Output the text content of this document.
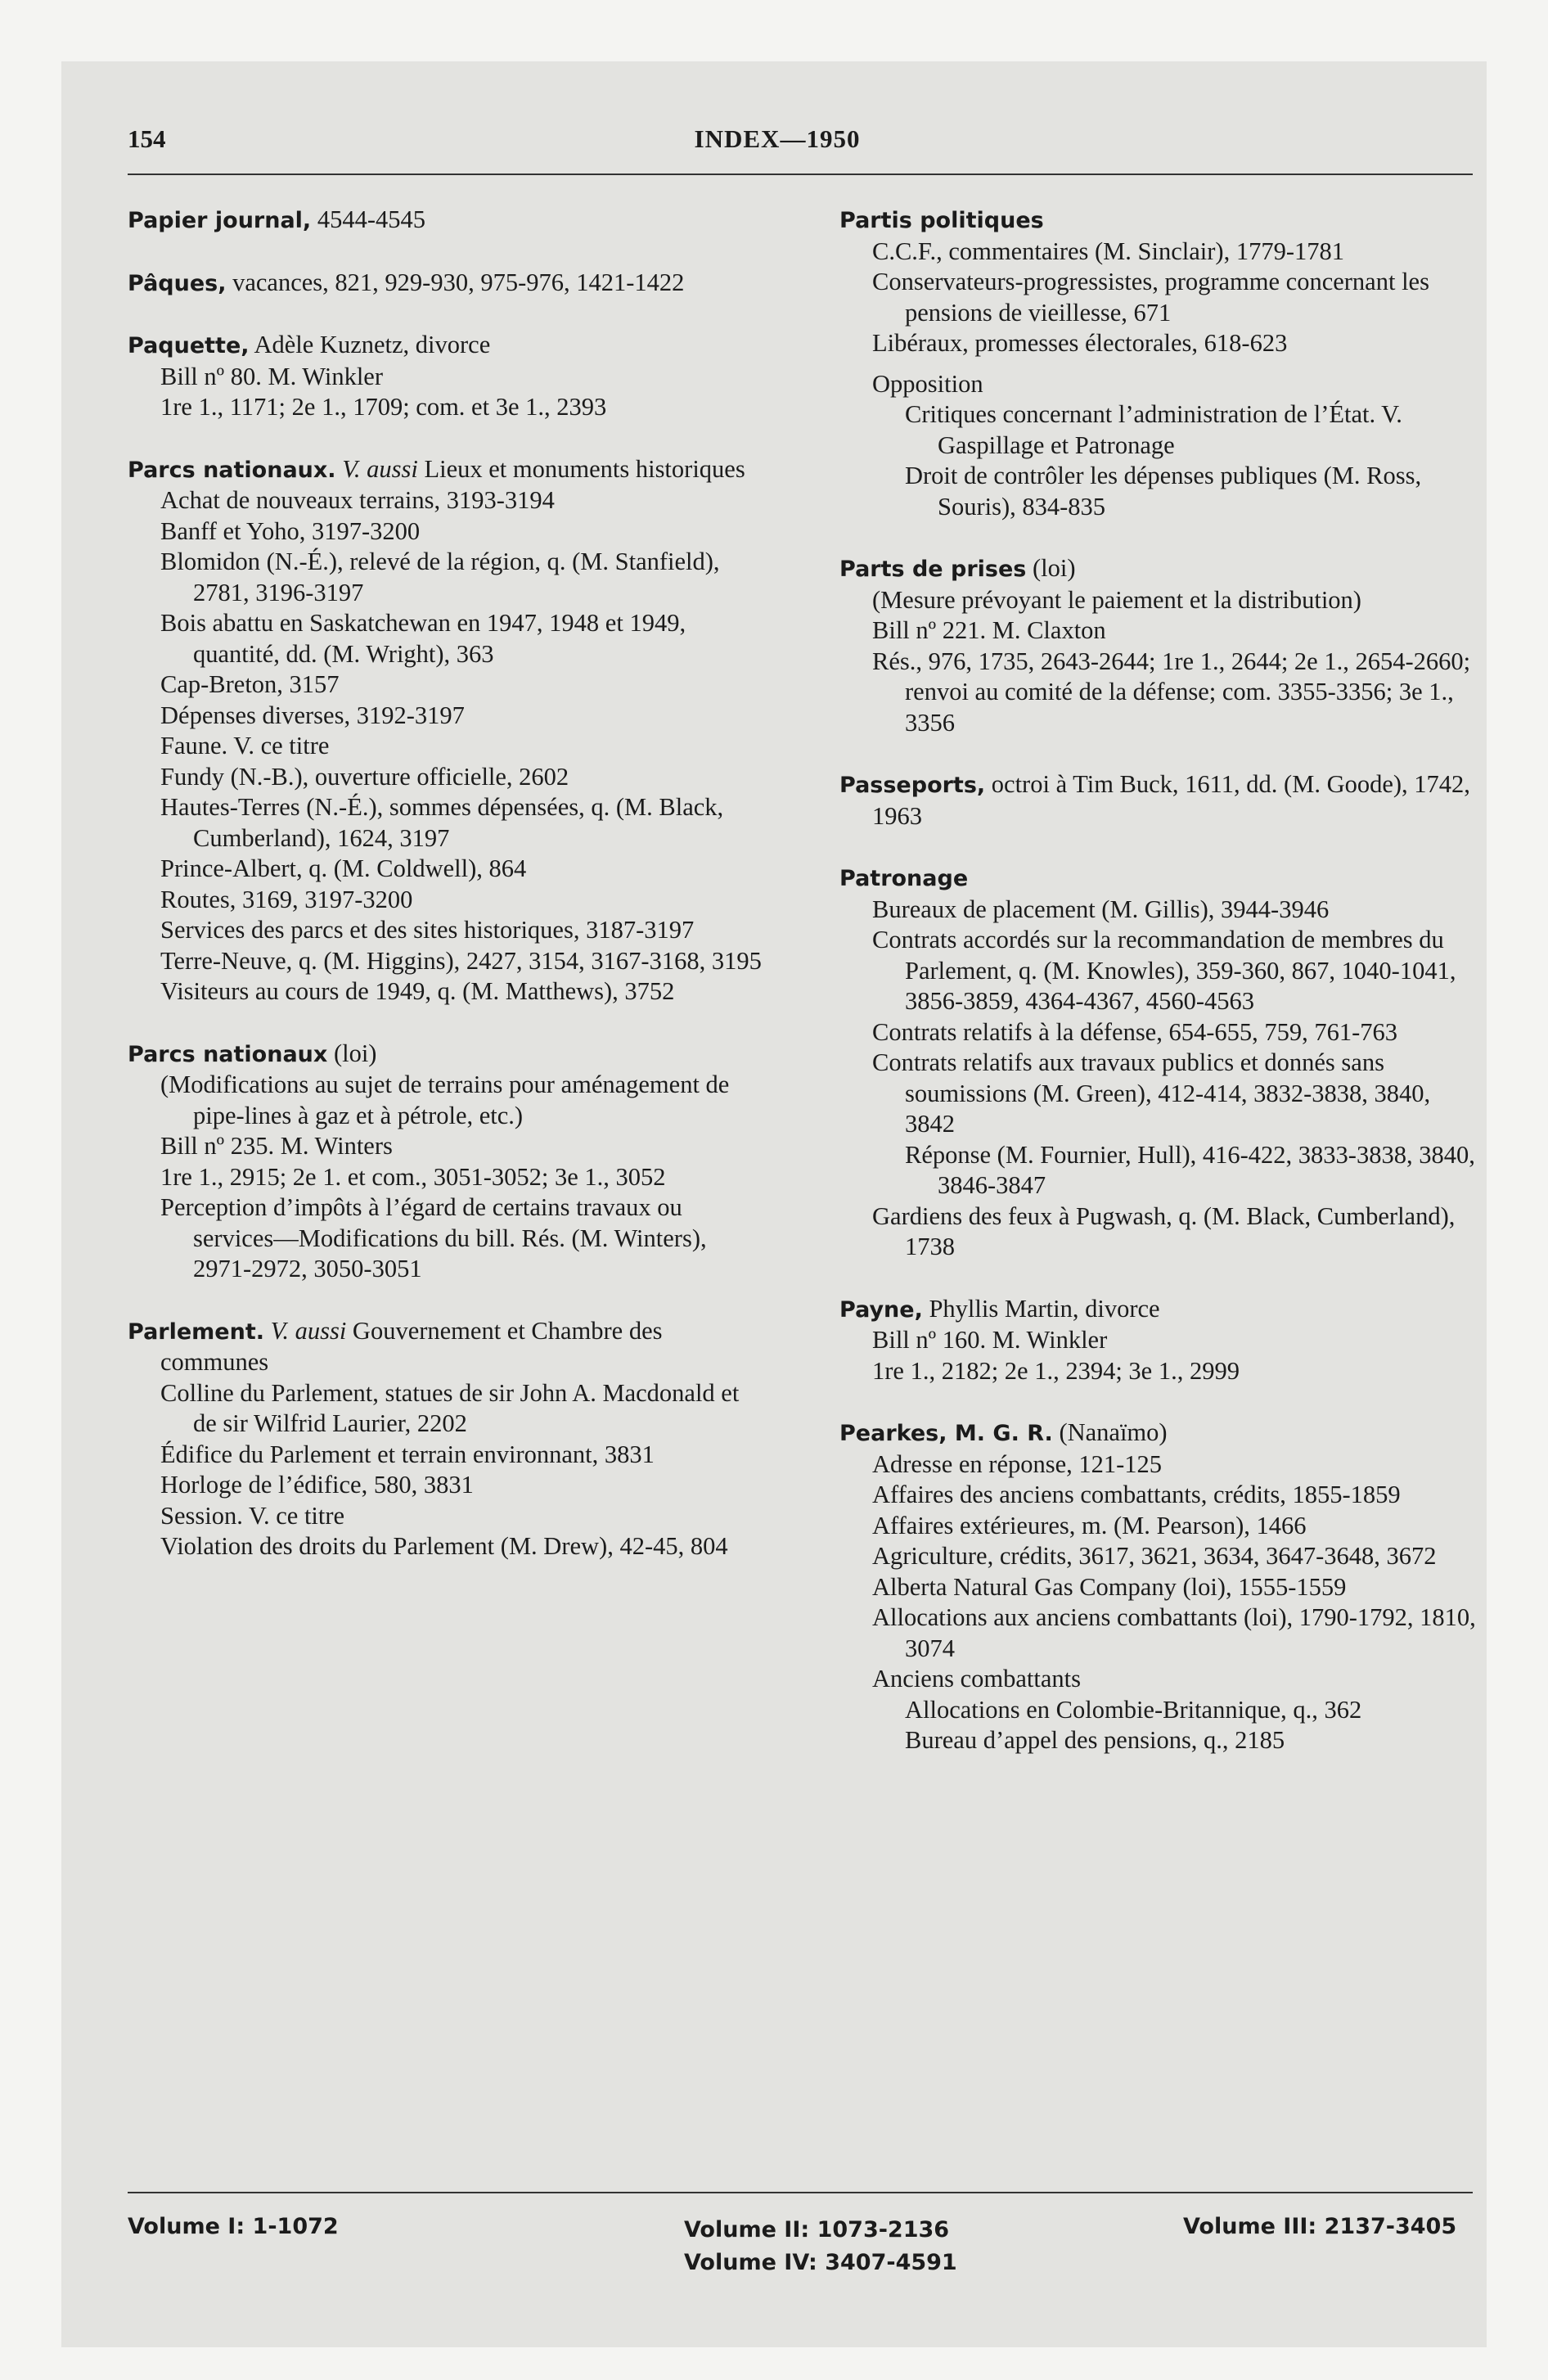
154	INDEX—1950
Papier journal, 4544-4545
Pâques, vacances, 821, 929-930, 975-976, 1421-1422
Paquette, Adèle Kuznetz, divorce
Bill nº 80. M. Winkler
1re 1., 1171; 2e 1., 1709; com. et 3e 1., 2393
Parcs nationaux. V. aussi Lieux et monuments historiques
Achat de nouveaux terrains, 3193-3194
Banff et Yoho, 3197-3200
Blomidon (N.-É.), relevé de la région, q. (M. Stanfield), 2781, 3196-3197
Bois abattu en Saskatchewan en 1947, 1948 et 1949, quantité, dd. (M. Wright), 363
Cap-Breton, 3157
Dépenses diverses, 3192-3197
Faune. V. ce titre
Fundy (N.-B.), ouverture officielle, 2602
Hautes-Terres (N.-É.), sommes dépensées, q. (M. Black, Cumberland), 1624, 3197
Prince-Albert, q. (M. Coldwell), 864
Routes, 3169, 3197-3200
Services des parcs et des sites historiques, 3187-3197
Terre-Neuve, q. (M. Higgins), 2427, 3154, 3167-3168, 3195
Visiteurs au cours de 1949, q. (M. Matthews), 3752
Parcs nationaux (loi)
(Modifications au sujet de terrains pour aménagement de pipe-lines à gaz et à pétrole, etc.)
Bill nº 235. M. Winters
1re 1., 2915; 2e 1. et com., 3051-3052; 3e 1., 3052
Perception d’impôts à l’égard de certains travaux ou services—Modifications du bill. Rés. (M. Winters), 2971-2972, 3050-3051
Parlement. V. aussi Gouvernement et Chambre des communes
Colline du Parlement, statues de sir John A. Macdonald et de sir Wilfrid Laurier, 2202
Édifice du Parlement et terrain environnant, 3831
Horloge de l’édifice, 580, 3831
Session. V. ce titre
Violation des droits du Parlement (M. Drew), 42-45, 804
Partis politiques
C.C.F., commentaires (M. Sinclair), 1779-1781
Conservateurs-progressistes, programme concernant les pensions de vieillesse, 671
Libéraux, promesses électorales, 618-623
Opposition
Critiques concernant l’administration de l’État. V. Gaspillage et Patronage
Droit de contrôler les dépenses publiques (M. Ross, Souris), 834-835
Parts de prises (loi)
(Mesure prévoyant le paiement et la distribution)
Bill nº 221. M. Claxton
Rés., 976, 1735, 2643-2644; 1re 1., 2644; 2e 1., 2654-2660; renvoi au comité de la défense; com. 3355-3356; 3e 1., 3356
Passeports, octroi à Tim Buck, 1611, dd. (M. Goode), 1742, 1963
Patronage
Bureaux de placement (M. Gillis), 3944-3946
Contrats accordés sur la recommandation de membres du Parlement, q. (M. Knowles), 359-360, 867, 1040-1041, 3856-3859, 4364-4367, 4560-4563
Contrats relatifs à la défense, 654-655, 759, 761-763
Contrats relatifs aux travaux publics et donnés sans soumissions (M. Green), 412-414, 3832-3838, 3840, 3842
Réponse (M. Fournier, Hull), 416-422, 3833-3838, 3840, 3846-3847
Gardiens des feux à Pugwash, q. (M. Black, Cumberland), 1738
Payne, Phyllis Martin, divorce
Bill nº 160. M. Winkler
1re 1., 2182; 2e 1., 2394; 3e 1., 2999
Pearkes, M. G. R. (Nanaïmo)
Adresse en réponse, 121-125
Affaires des anciens combattants, crédits, 1855-1859
Affaires extérieures, m. (M. Pearson), 1466
Agriculture, crédits, 3617, 3621, 3634, 3647-3648, 3672
Alberta Natural Gas Company (loi), 1555-1559
Allocations aux anciens combattants (loi), 1790-1792, 1810, 3074
Anciens combattants
Allocations en Colombie-Britannique, q., 362
Bureau d’appel des pensions, q., 2185
Volume I: 1-1072	Volume II: 1073-2136
Volume IV: 3407-4591
Volume III: 2137-3405
